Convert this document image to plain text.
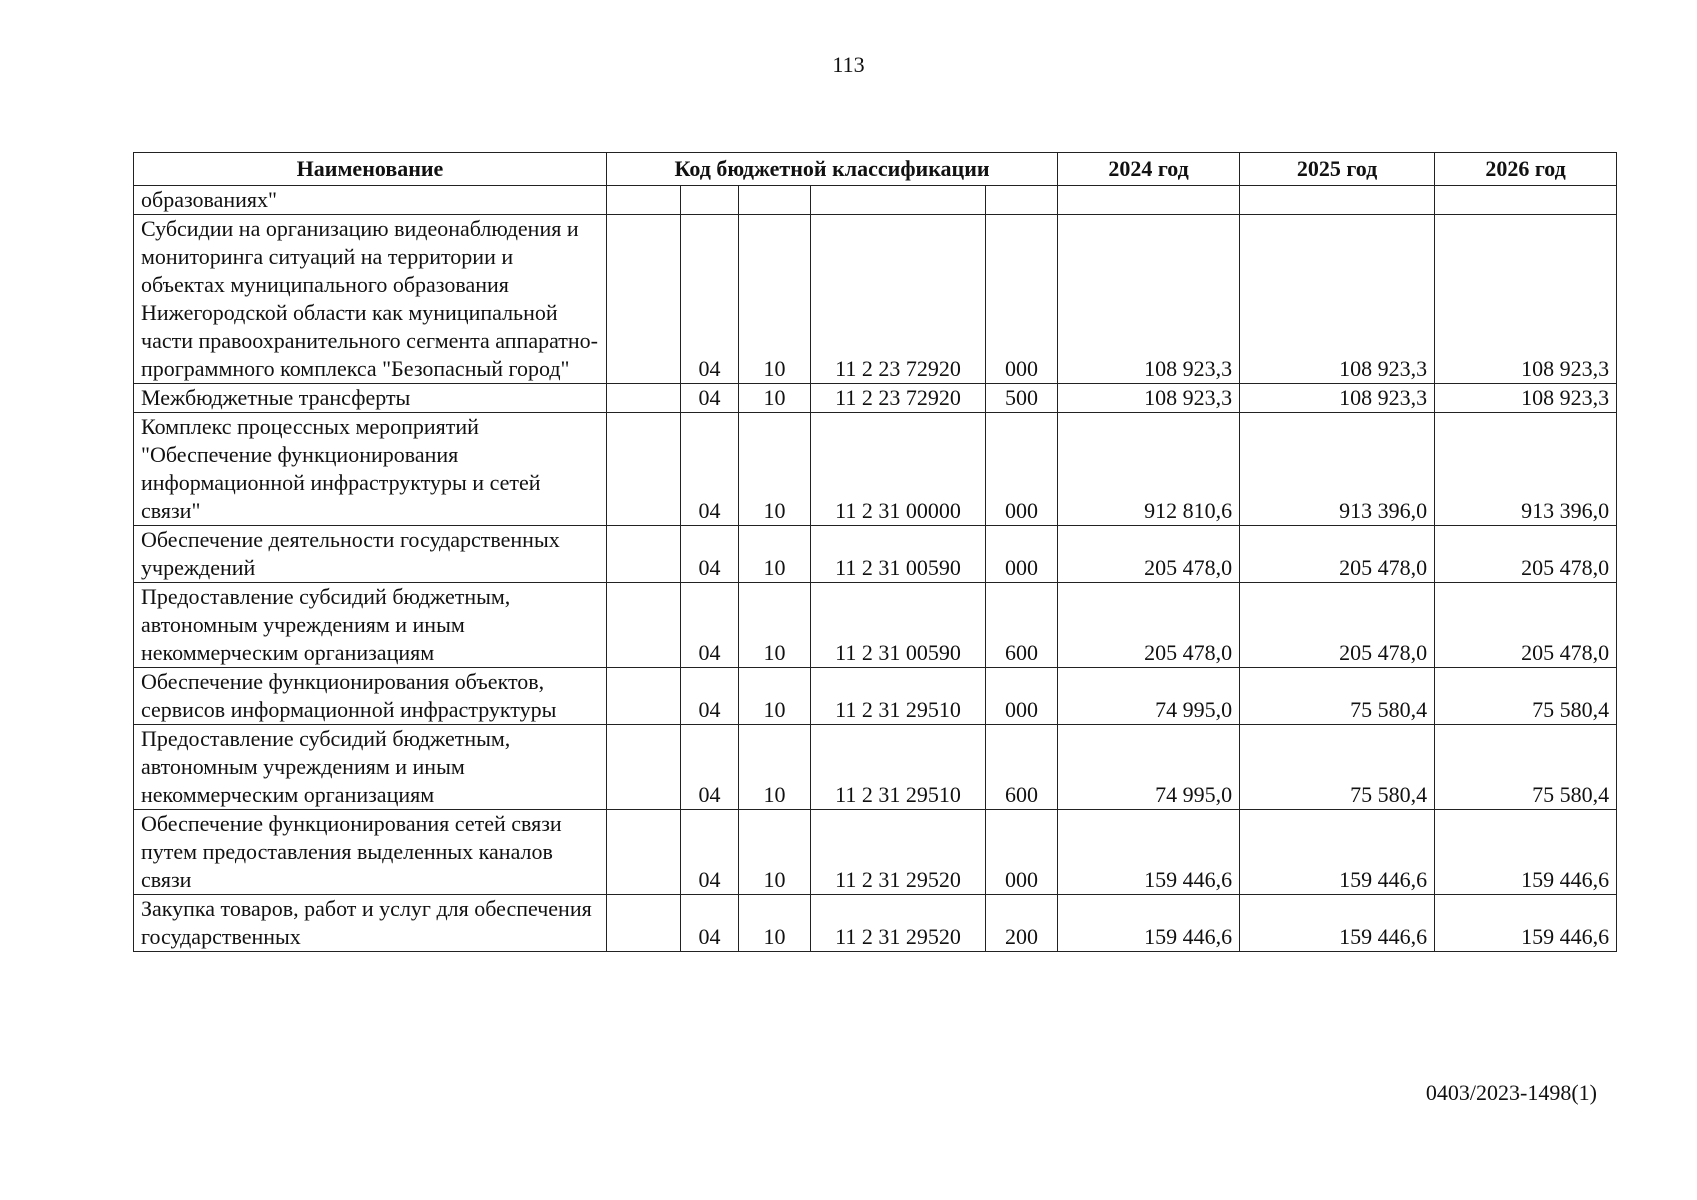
113
Наименование	Код бюджетной классификации					2024 год	2025 год	2026 год
образованиях"								
Субсидии на организацию видеонаблюдения и мониторинга ситуаций на территории и объектах муниципального образования Нижегородской области как муниципальной части правоохранительного сегмента аппаратно-программного комплекса "Безопасный город"		04	10	11 2 23 72920	000	108 923,3	108 923,3	108 923,3
Межбюджетные трансферты		04	10	11 2 23 72920	500	108 923,3	108 923,3	108 923,3
Комплекс процессных мероприятий "Обеспечение функционирования информационной инфраструктуры и сетей связи"		04	10	11 2 31 00000	000	912 810,6	913 396,0	913 396,0
Обеспечение деятельности государственных учреждений		04	10	11 2 31 00590	000	205 478,0	205 478,0	205 478,0
Предоставление субсидий бюджетным, автономным учреждениям и иным некоммерческим организациям		04	10	11 2 31 00590	600	205 478,0	205 478,0	205 478,0
Обеспечение функционирования объектов, сервисов информационной инфраструктуры		04	10	11 2 31 29510	000	74 995,0	75 580,4	75 580,4
Предоставление субсидий бюджетным, автономным учреждениям и иным некоммерческим организациям		04	10	11 2 31 29510	600	74 995,0	75 580,4	75 580,4
Обеспечение функционирования сетей связи путем предоставления выделенных каналов связи		04	10	11 2 31 29520	000	159 446,6	159 446,6	159 446,6
Закупка товаров, работ и услуг для обеспечения государственных		04	10	11 2 31 29520	200	159 446,6	159 446,6	159 446,6
0403/2023-1498(1)
